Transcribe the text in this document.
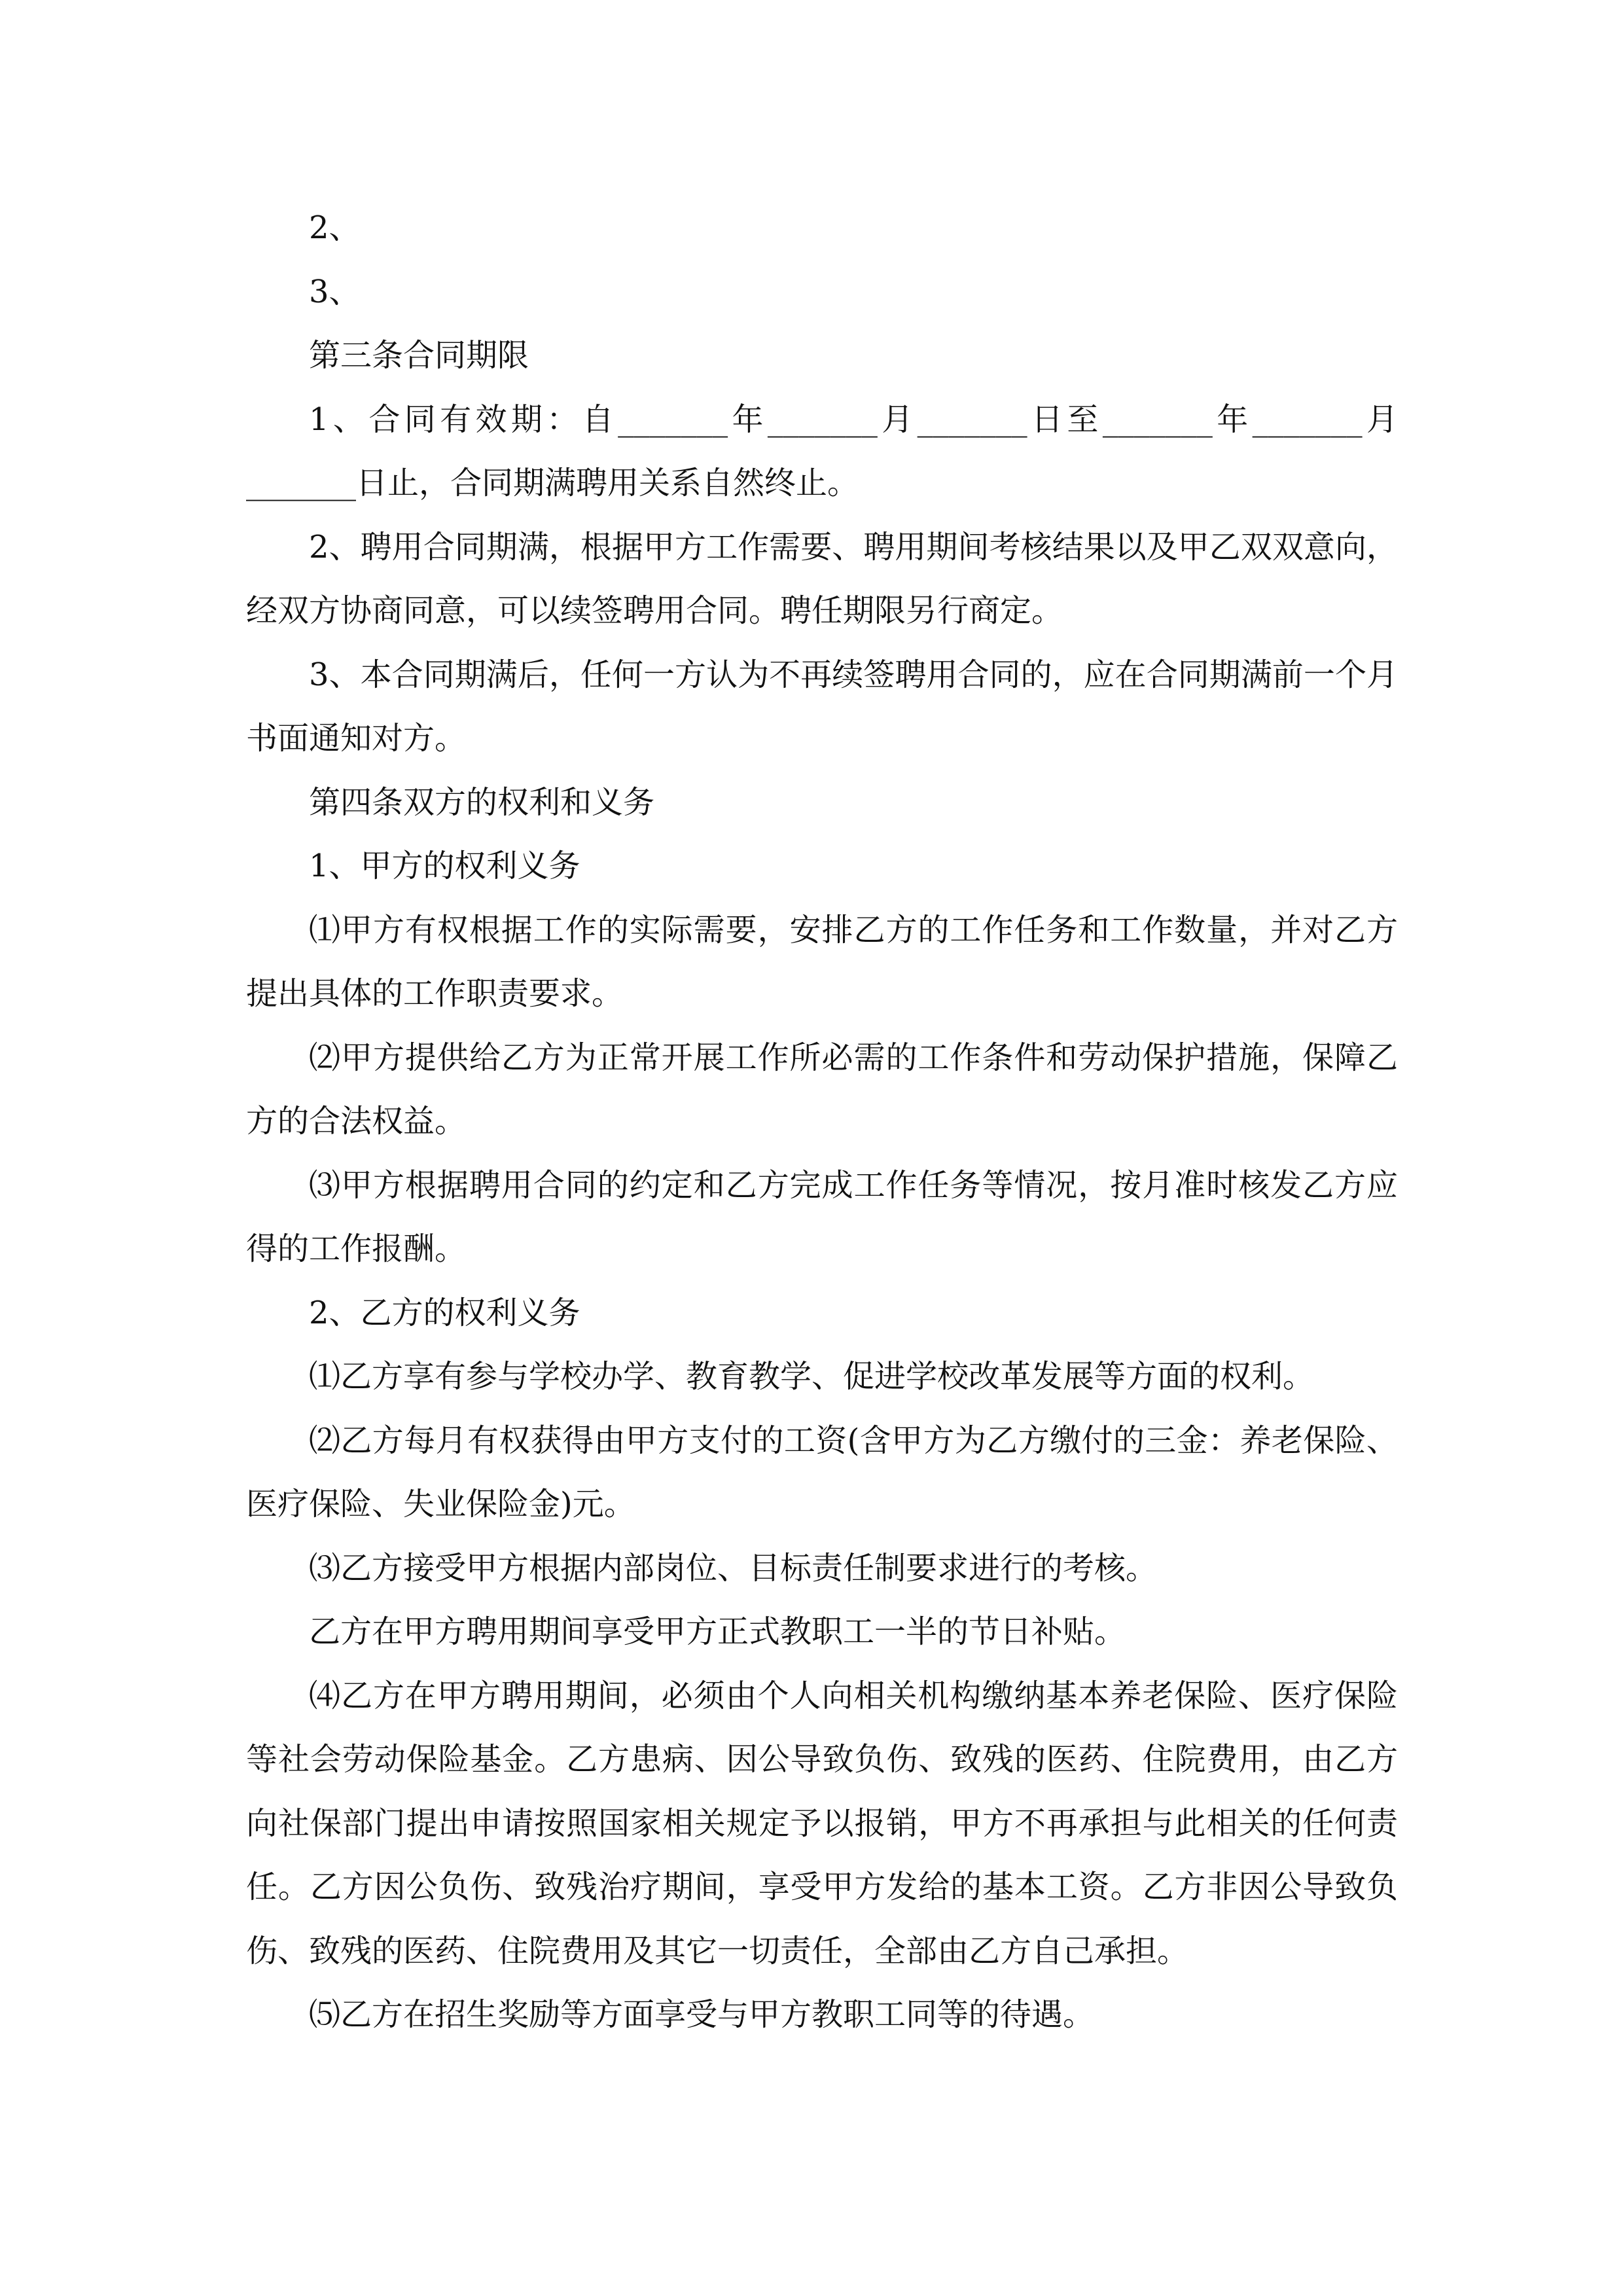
2、

3、

第三条合同期限

1、合同有效期：自_______年_______月_______日至_______年_______月_______日止，合同期满聘用关系自然终止。

2、聘用合同期满，根据甲方工作需要、聘用期间考核结果以及甲乙双双意向，经双方协商同意，可以续签聘用合同。聘任期限另行商定。

3、本合同期满后，任何一方认为不再续签聘用合同的，应在合同期满前一个月书面通知对方。

第四条双方的权利和义务

1、甲方的权利义务

⑴甲方有权根据工作的实际需要，安排乙方的工作任务和工作数量，并对乙方提出具体的工作职责要求。

⑵甲方提供给乙方为正常开展工作所必需的工作条件和劳动保护措施，保障乙方的合法权益。

⑶甲方根据聘用合同的约定和乙方完成工作任务等情况，按月准时核发乙方应得的工作报酬。

2、乙方的权利义务

⑴乙方享有参与学校办学、教育教学、促进学校改革发展等方面的权利。

⑵乙方每月有权获得由甲方支付的工资(含甲方为乙方缴付的三金：养老保险、医疗保险、失业保险金)元。

⑶乙方接受甲方根据内部岗位、目标责任制要求进行的考核。

乙方在甲方聘用期间享受甲方正式教职工一半的节日补贴。

⑷乙方在甲方聘用期间，必须由个人向相关机构缴纳基本养老保险、医疗保险等社会劳动保险基金。乙方患病、因公导致负伤、致残的医药、住院费用，由乙方向社保部门提出申请按照国家相关规定予以报销，甲方不再承担与此相关的任何责任。乙方因公负伤、致残治疗期间，享受甲方发给的基本工资。乙方非因公导致负伤、致残的医药、住院费用及其它一切责任，全部由乙方自己承担。

⑸乙方在招生奖励等方面享受与甲方教职工同等的待遇。
